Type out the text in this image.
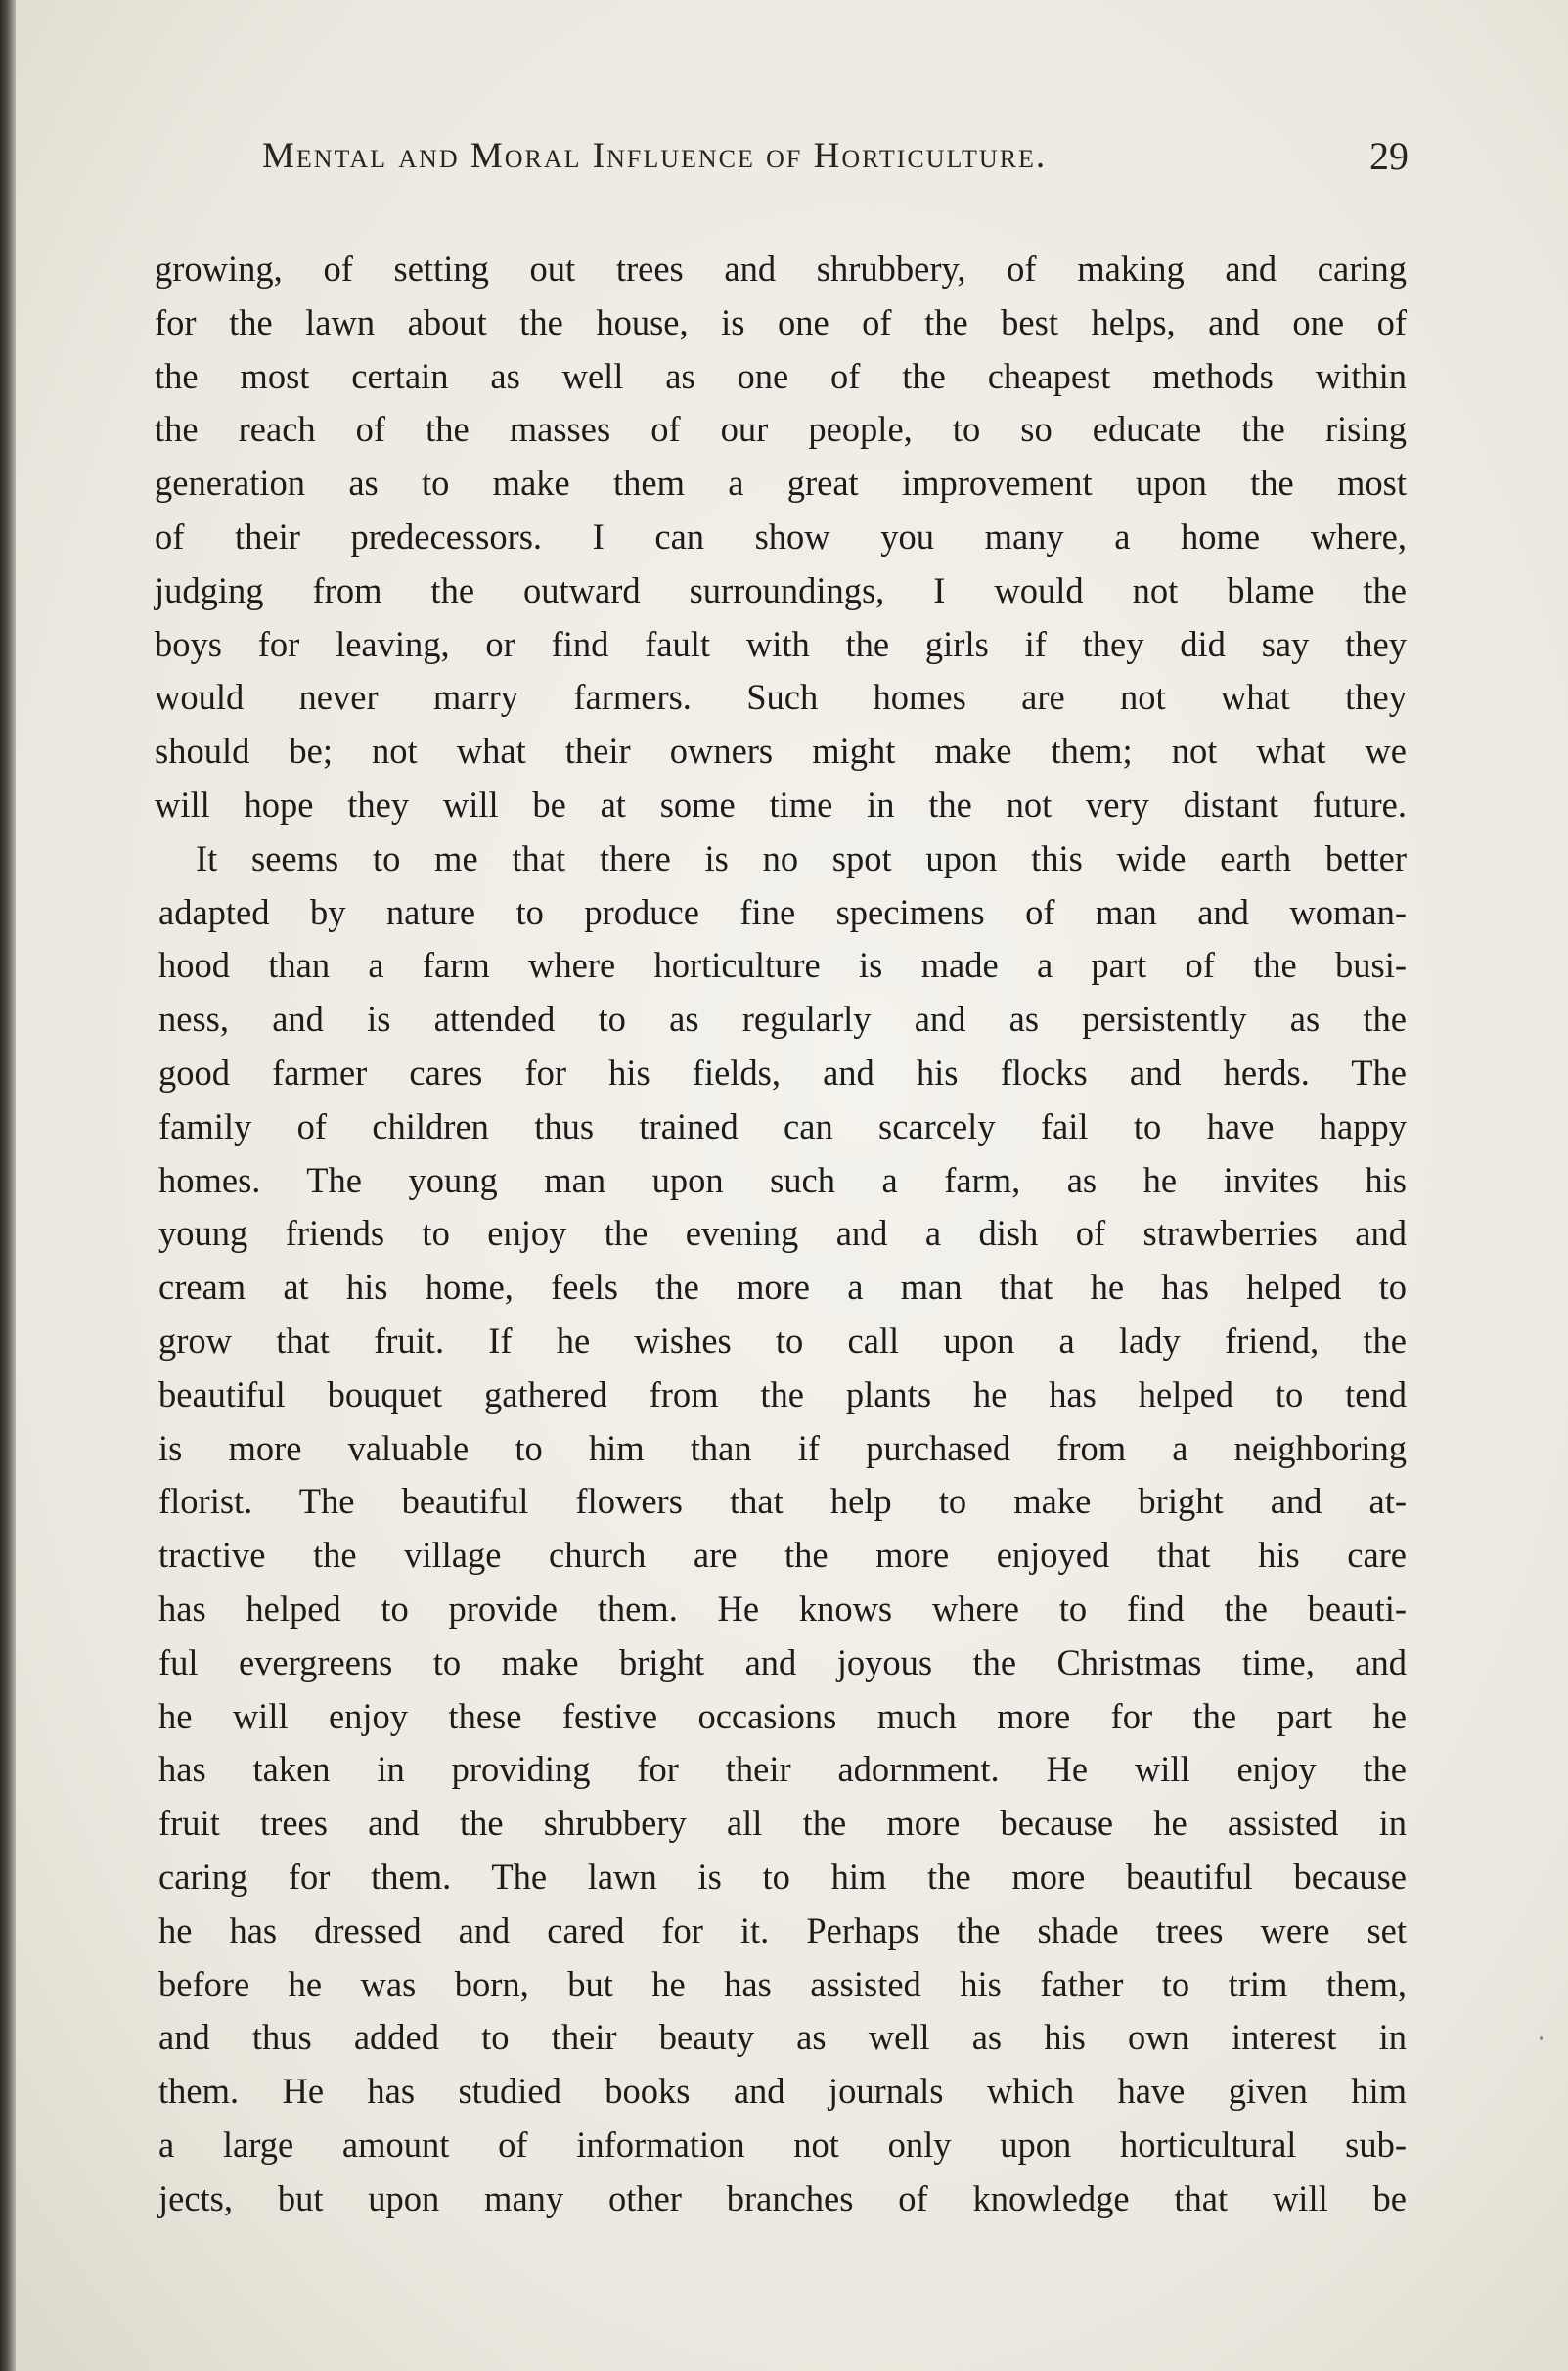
Mental and Moral Influence of Horticulture.	29
growing, of setting out trees and shrubbery, of making and caring
for the lawn about the house, is one of the best helps, and one of
the most certain as well as one of the cheapest methods within
the reach of the masses of our people, to so educate the rising
generation as to make them a great improvement upon the most
of their predecessors. I can show you many a home where,
judging from the outward surroundings, I would not blame the
boys for leaving, or find fault with the girls if they did say they
would never marry farmers. Such homes are not what they
should be; not what their owners might make them; not what we
will hope they will be at some time in the not very distant future.
It seems to me that there is no spot upon this wide earth better
adapted by nature to produce fine specimens of man and woman-
hood than a farm where horticulture is made a part of the busi-
ness, and is attended to as regularly and as persistently as the
good farmer cares for his fields, and his flocks and herds. The
family of children thus trained can scarcely fail to have happy
homes. The young man upon such a farm, as he invites his
young friends to enjoy the evening and a dish of strawberries and
cream at his home, feels the more a man that he has helped to
grow that fruit. If he wishes to call upon a lady friend, the
beautiful bouquet gathered from the plants he has helped to tend
is more valuable to him than if purchased from a neighboring
florist. The beautiful flowers that help to make bright and at-
tractive the village church are the more enjoyed that his care
has helped to provide them. He knows where to find the beauti-
ful evergreens to make bright and joyous the Christmas time, and
he will enjoy these festive occasions much more for the part he
has taken in providing for their adornment. He will enjoy the
fruit trees and the shrubbery all the more because he assisted in
caring for them. The lawn is to him the more beautiful because
he has dressed and cared for it. Perhaps the shade trees were set
before he was born, but he has assisted his father to trim them,
and thus added to their beauty as well as his own interest in
them. He has studied books and journals which have given him
a large amount of information not only upon horticultural sub-
jects, but upon many other branches of knowledge that will be
